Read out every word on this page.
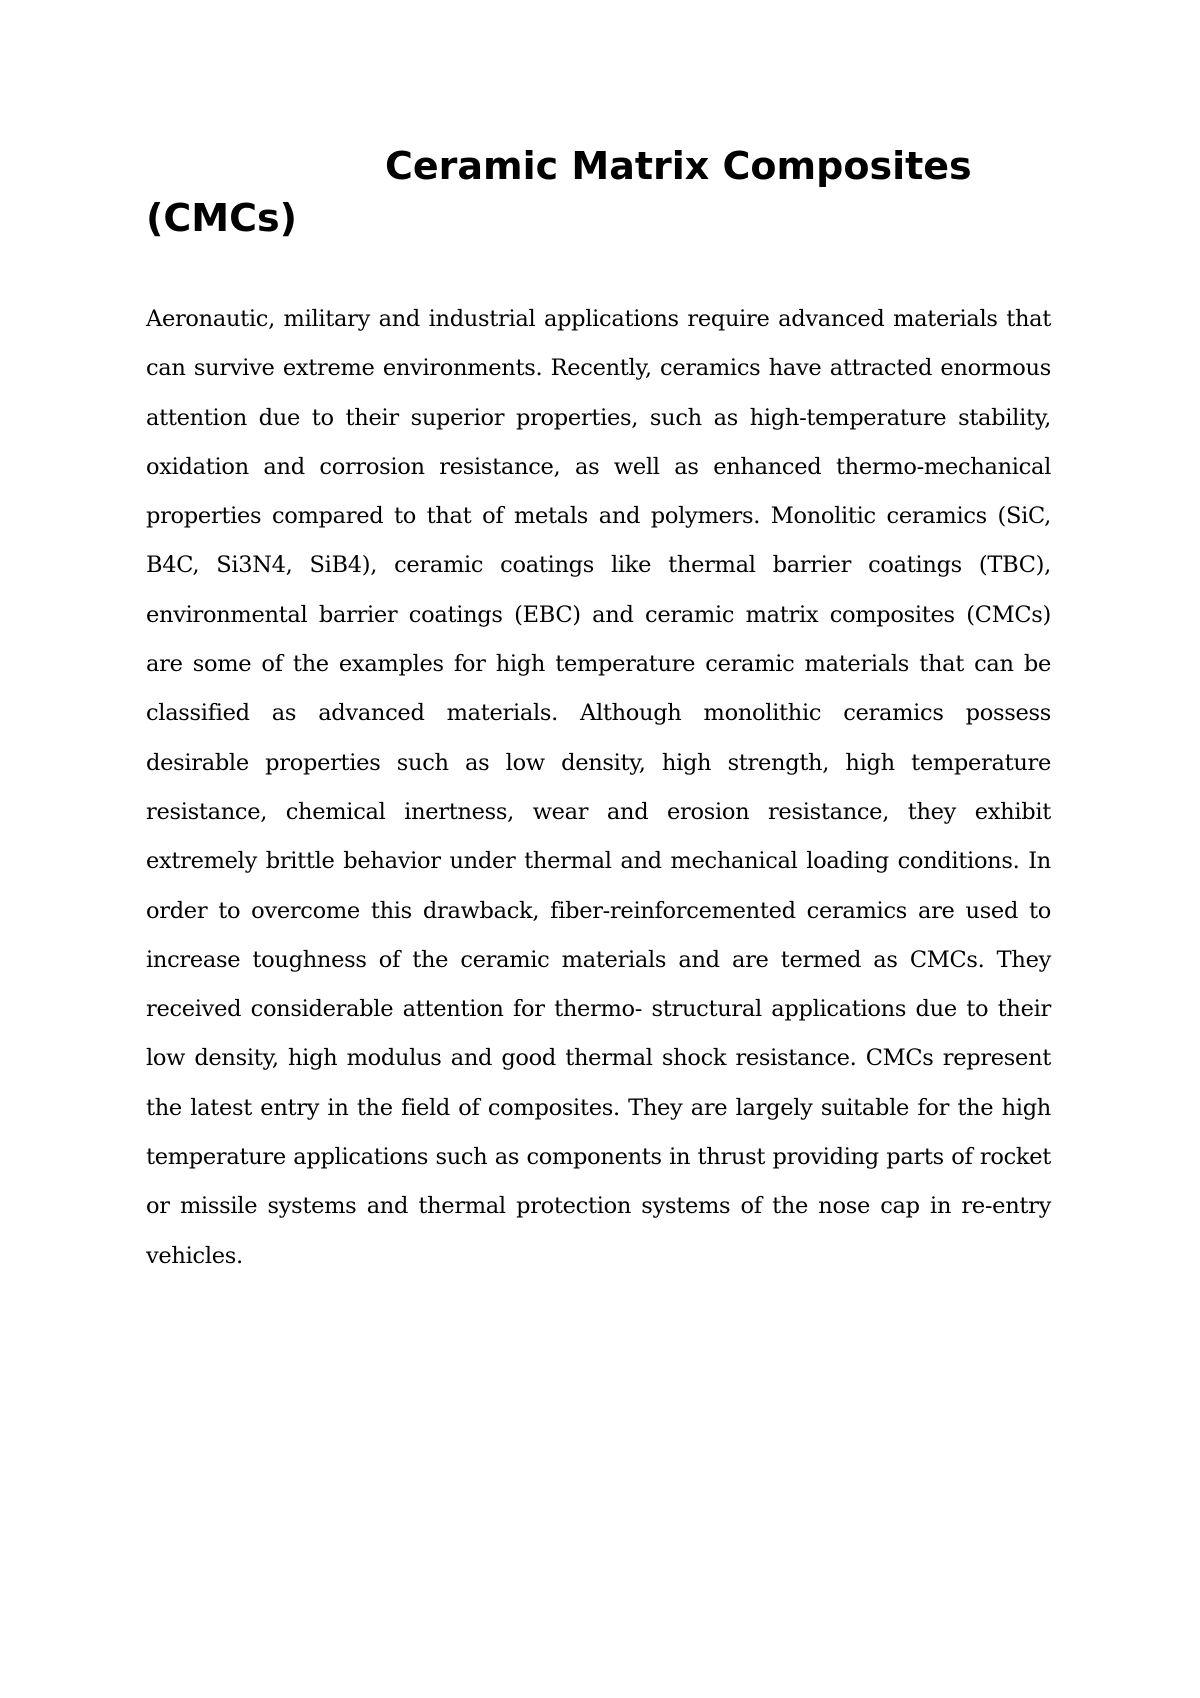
Ceramic Matrix Composites (CMCs)

Aeronautic, military and industrial applications require advanced materials that can survive extreme environments. Recently, ceramics have attracted enormous attention due to their superior properties, such as high-temperature stability, oxidation and corrosion resistance, as well as enhanced thermo-mechanical properties compared to that of metals and polymers. Monolitic ceramics (SiC, B4C, Si3N4, SiB4), ceramic coatings like thermal barrier coatings (TBC), environmental barrier coatings (EBC) and ceramic matrix composites (CMCs) are some of the examples for high temperature ceramic materials that can be classified as advanced materials. Although monolithic ceramics possess desirable properties such as low density, high strength, high temperature resistance, chemical inertness, wear and erosion resistance, they exhibit extremely brittle behavior under thermal and mechanical loading conditions. In order to overcome this drawback, fiber-reinforcemented ceramics are used to increase toughness of the ceramic materials and are termed as CMCs. They received considerable attention for thermo- structural applications due to their low density, high modulus and good thermal shock resistance. CMCs represent the latest entry in the field of composites. They are largely suitable for the high temperature applications such as components in thrust providing parts of rocket or missile systems and thermal protection systems of the nose cap in re-entry vehicles.
